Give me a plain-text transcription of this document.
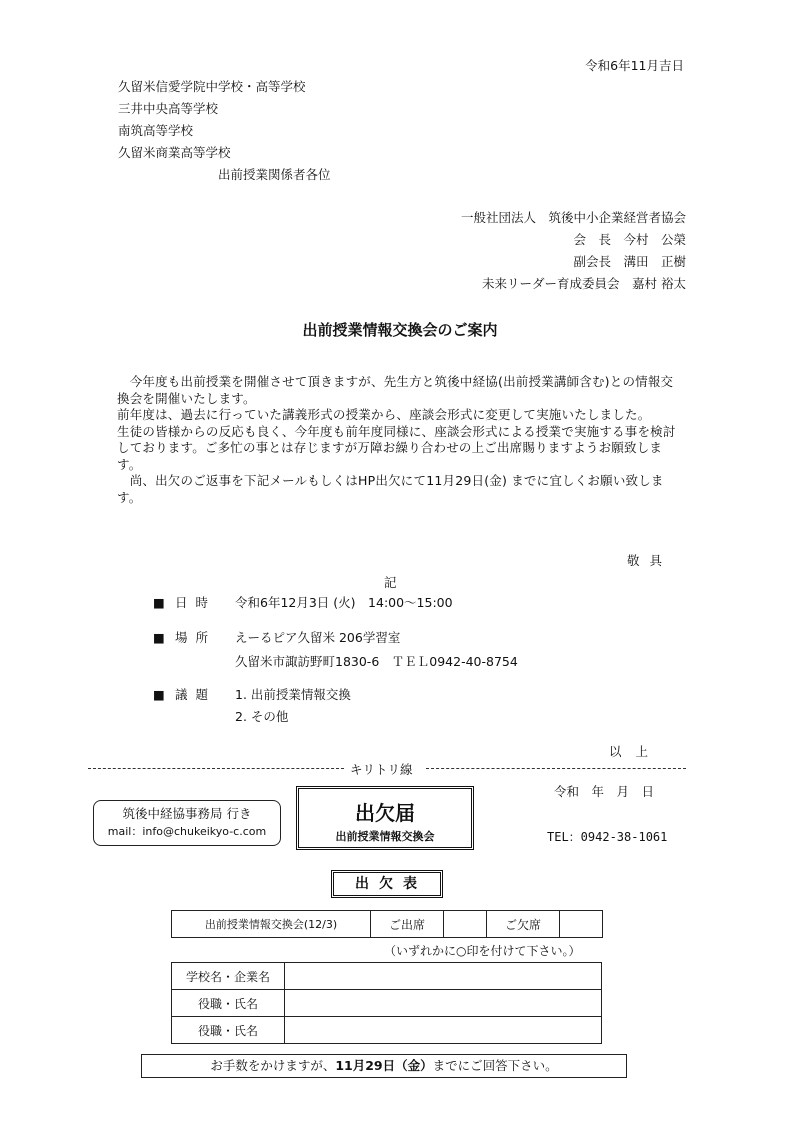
令和6年11月吉日
久留米信愛学院中学校・高等学校
三井中央高等学校
南筑高等学校
久留米商業高等学校
出前授業関係者各位
一般社団法人　筑後中小企業経営者協会
会　長　今村　公榮
副会長　溝田　正樹
未来リーダー育成委員会　嘉村 裕太
出前授業情報交換会のご案内

　今年度も出前授業を開催させて頂きますが、先生方と筑後中経協(出前授業講師含む)との情報交換会を開催いたします。

前年度は、過去に行っていた講義形式の授業から、座談会形式に変更して実施いたしました。

生徒の皆様からの反応も良く、今年度も前年度同様に、座談会形式による授業で実施する事を検討しております。ご多忙の事とは存じますが万障お繰り合わせの上ご出席賜りますようお願致します。

　尚、出欠のご返事を下記メールもしくはHP出欠にて11月29日(金) までに宜しくお願い致します。

敬具
記
■ 日時 令和6年12月3日 (火)　14:00～15:00
■ 場所 えーるピア久留米 206学習室
久留米市諏訪野町1830-6　ＴＥＬ0942-40-8754
■ 議題 1. 出前授業情報交換
2. その他
以上
キリトリ線
筑後中経協事務局 行き
mail：info@chukeikyo-c.com
出欠届
出前授業情報交換会
令和　年　月　日
TEL：0942-38-1061
出欠表
出前授業情報交換会(12/3)	ご出席		ご欠席	
（いずれかに○印を付けて下さい。）
学校名・企業名	
役職・氏名	
役職・氏名	
お手数をかけますが、11月29日（金）までにご回答下さい。
